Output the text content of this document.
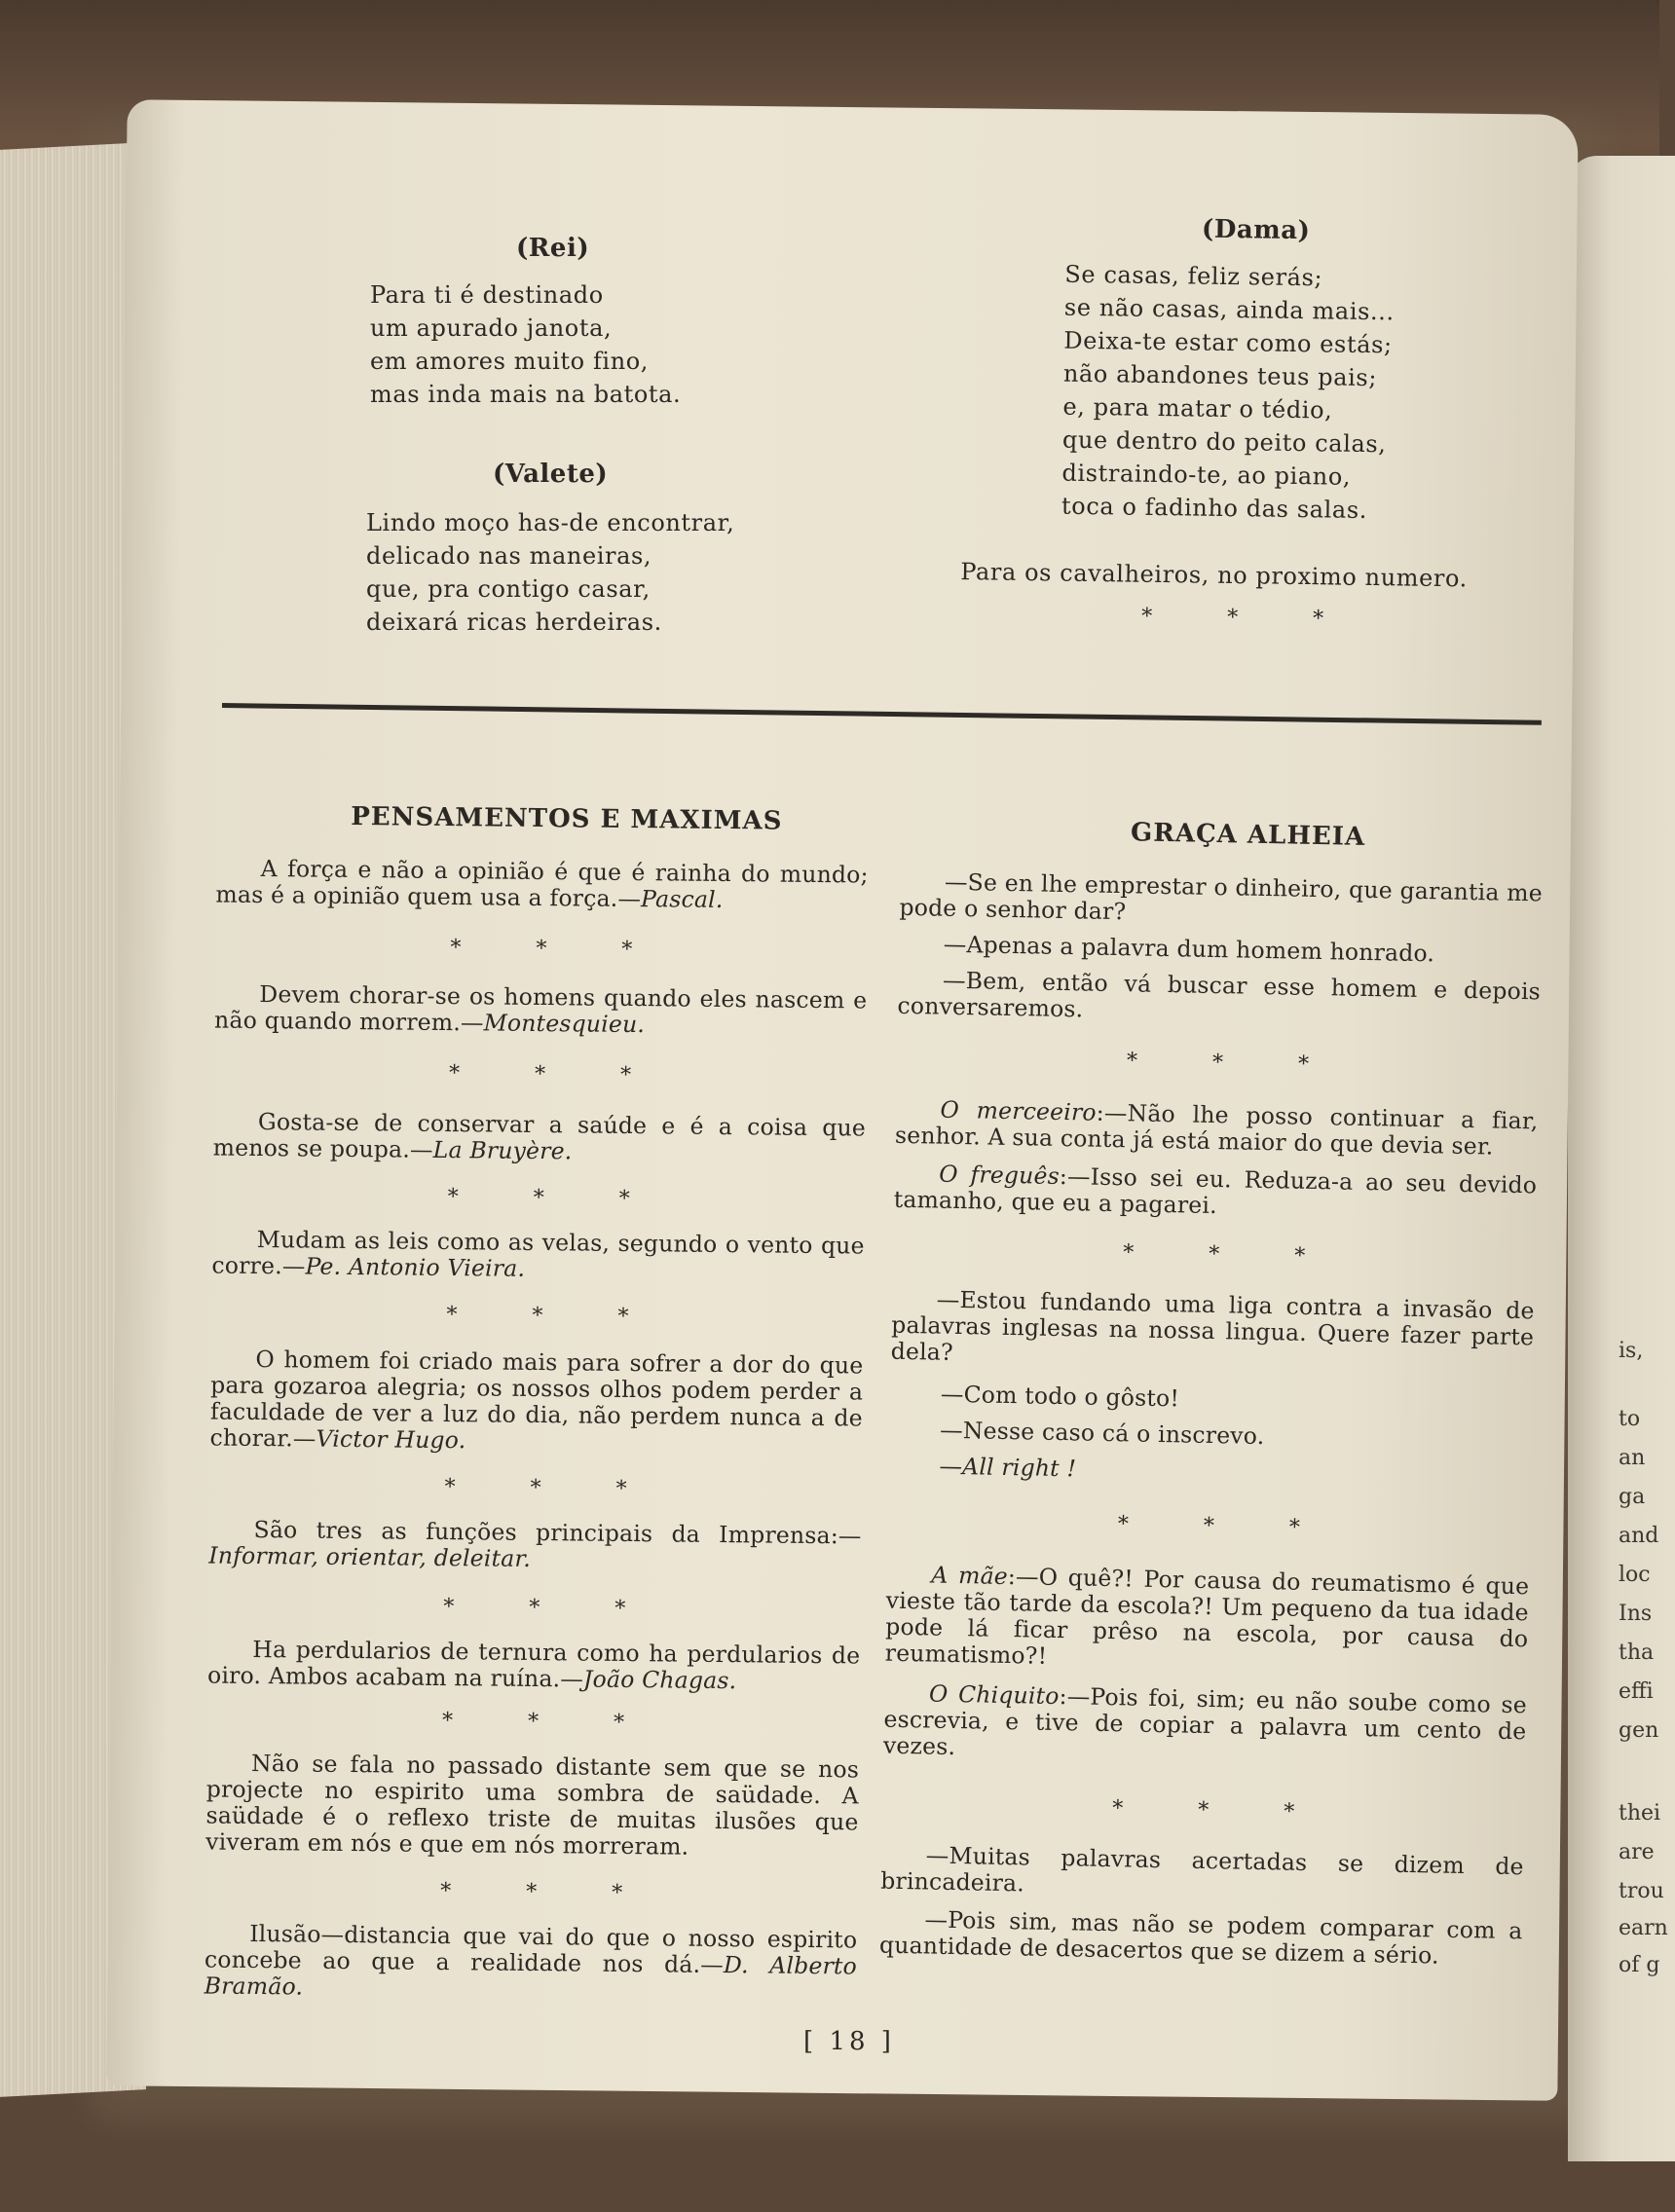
is,
to
an
ga
and
loc
Ins
tha
effi
gen
thei
are
trou
earn
of g
(Rei)
Para ti é destinado
um apurado janota,
em amores muito fino,
mas inda mais na batota.
(Valete)
Lindo moço has-de encontrar,
delicado nas maneiras,
que, pra contigo casar,
deixará ricas herdeiras.
(Dama)
Se casas, feliz serás;
se não casas, ainda mais...
Deixa-te estar como estás;
não abandones teus pais;
e, para matar o tédio,
que dentro do peito calas,
distraindo-te, ao piano,
toca o fadinho das salas.
Para os cavalheiros, no proximo numero.
* * *
PENSAMENTOS E MAXIMAS

A força e não a opinião é que é rainha do mundo; mas é a opinião quem usa a força.—Pascal.

* * *

Devem chorar-se os homens quando eles nascem e não quando morrem.—Montesquieu.

* * *

Gosta-se de conservar a saúde e é a coisa que menos se poupa.—La Bruyère.

* * *

Mudam as leis como as velas, segundo o vento que corre.—Pe. Antonio Vieira.

* * *

O homem foi criado mais para sofrer a dor do que para gozaroa alegria; os nossos olhos podem perder a faculdade de ver a luz do dia, não perdem nunca a de chorar.—Victor Hugo.

* * *

São tres as funções principais da Imprensa:— Informar, orientar, deleitar.

* * *

Ha perdularios de ternura como ha perdularios de oiro. Ambos acabam na ruína.—João Chagas.

* * *

Não se fala no passado distante sem que se nos projecte no espirito uma sombra de saüdade. A saüdade é o reflexo triste de muitas ilusões que viveram em nós e que em nós morreram.

* * *

Ilusão—distancia que vai do que o nosso espirito concebe ao que a realidade nos dá.—D. Alberto Bramão.

GRAÇA ALHEIA

—Se en lhe emprestar o dinheiro, que garantia me pode o senhor dar?

—Apenas a palavra dum homem honrado.

—Bem, então vá buscar esse homem e depois conversaremos.

* * *

O merceeiro:—Não lhe posso continuar a fiar, senhor. A sua conta já está maior do que devia ser.

O freguês:—Isso sei eu. Reduza-a ao seu devido tamanho, que eu a pagarei.

* * *

—Estou fundando uma liga contra a invasão de palavras inglesas na nossa lingua. Quere fazer parte dela?

—Com todo o gôsto!

—Nesse caso cá o inscrevo.

—All right !

* * *

A mãe:—O quê?! Por causa do reumatismo é que vieste tão tarde da escola?! Um pequeno da tua idade pode lá ficar prêso na escola, por causa do reumatismo?!

O Chiquito:—Pois foi, sim; eu não soube como se escrevia, e tive de copiar a palavra um cento de vezes.

* * *

—Muitas palavras acertadas se dizem de brincadeira.

—Pois sim, mas não se podem comparar com a quantidade de desacertos que se dizem a sério.

[ 18 ]
